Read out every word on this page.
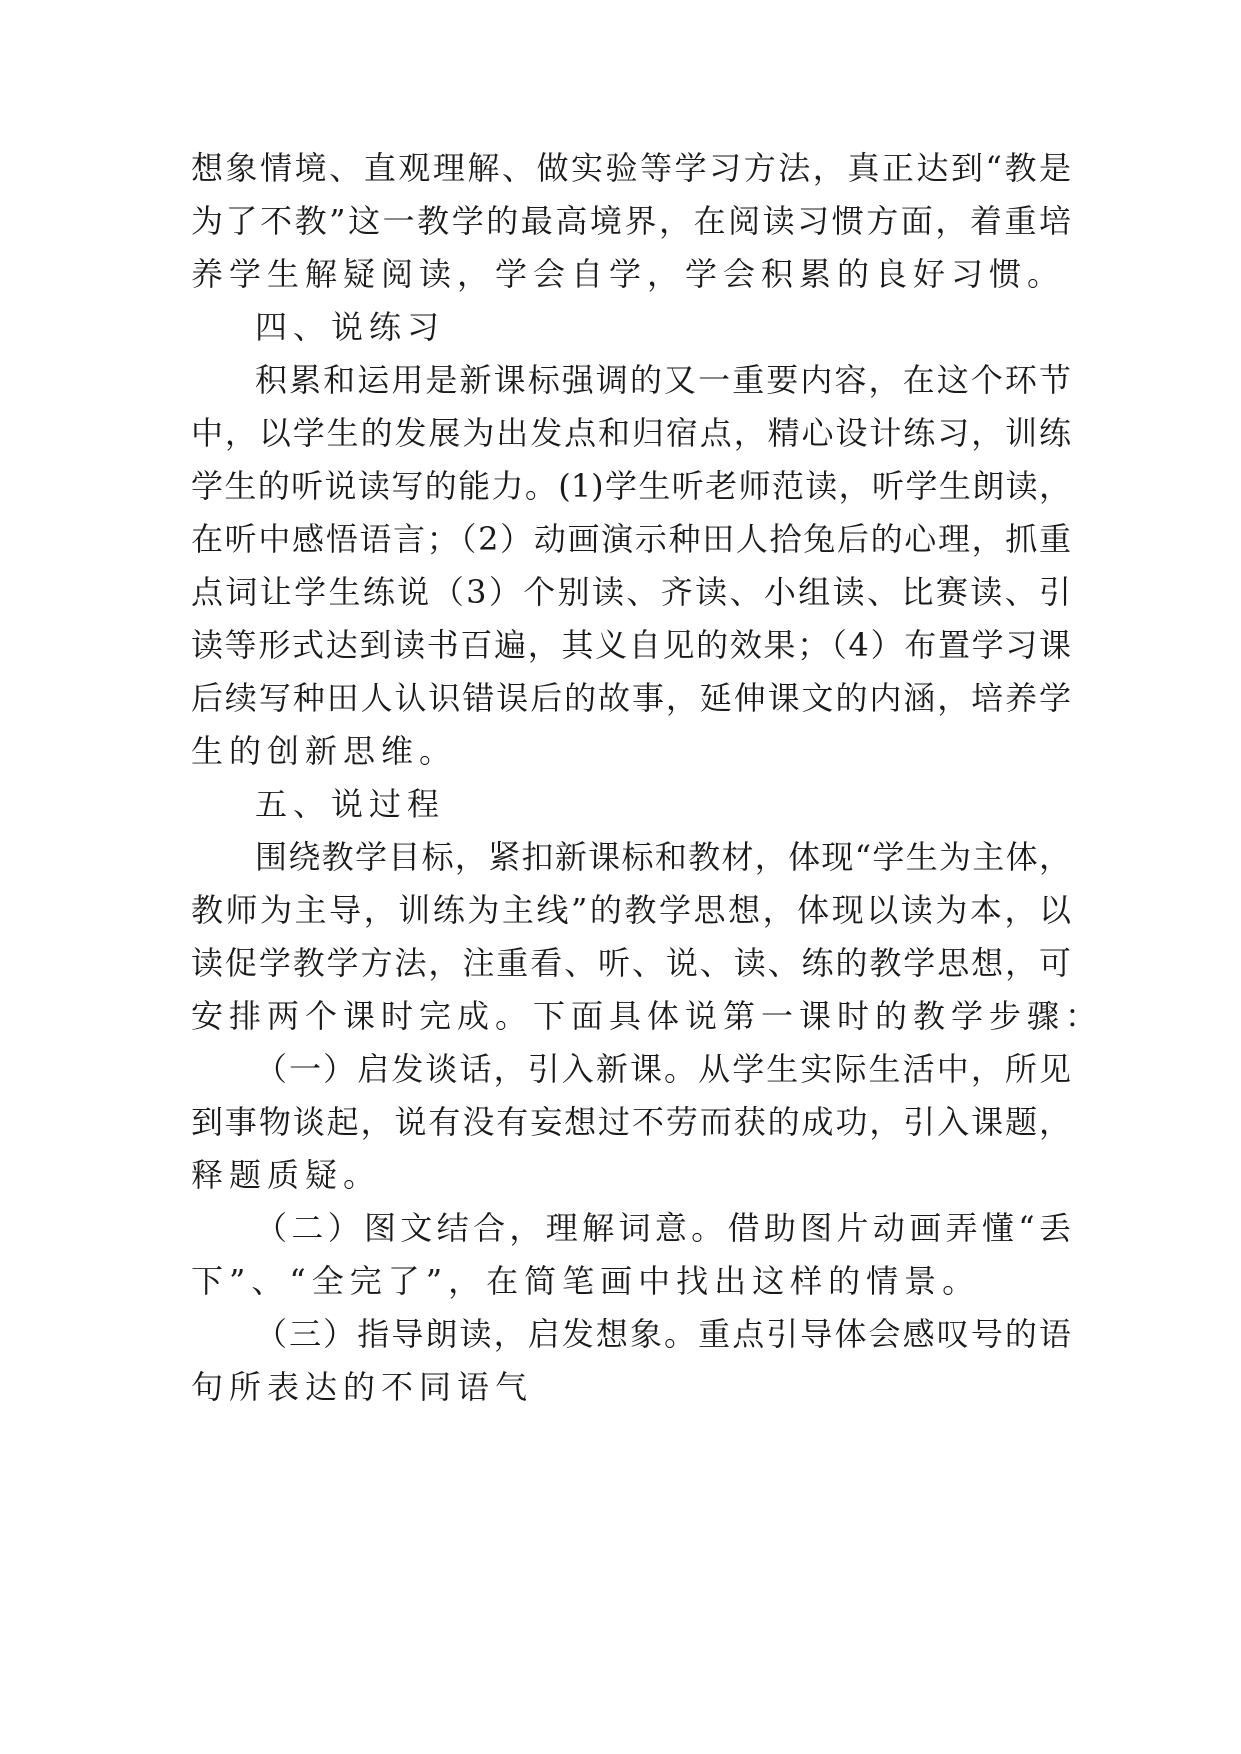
想象情境、直观理解、做实验等学习方法，真正达到“教是
为了不教”这一教学的最高境界，在阅读习惯方面，着重培
养学生解疑阅读，学会自学，学会积累的良好习惯。
四、说练习
积累和运用是新课标强调的又一重要内容，在这个环节
中，以学生的发展为出发点和归宿点，精心设计练习，训练
学生的听说读写的能力。(1)学生听老师范读，听学生朗读，
在听中感悟语言；（2）动画演示种田人拾兔后的心理，抓重
点词让学生练说（3）个别读、齐读、小组读、比赛读、引
读等形式达到读书百遍，其义自见的效果；（4）布置学习课
后续写种田人认识错误后的故事，延伸课文的内涵，培养学
生的创新思维。
五、说过程
围绕教学目标，紧扣新课标和教材，体现“学生为主体，
教师为主导，训练为主线”的教学思想，体现以读为本，以
读促学教学方法，注重看、听、说、读、练的教学思想，可
安排两个课时完成。下面具体说第一课时的教学步骤：
（一）启发谈话，引入新课。从学生实际生活中，所见
到事物谈起，说有没有妄想过不劳而获的成功，引入课题，
释题质疑。
（二）图文结合，理解词意。借助图片动画弄懂“丢
下”、“全完了”，在简笔画中找出这样的情景。
（三）指导朗读，启发想象。重点引导体会感叹号的语
句所表达的不同语气
